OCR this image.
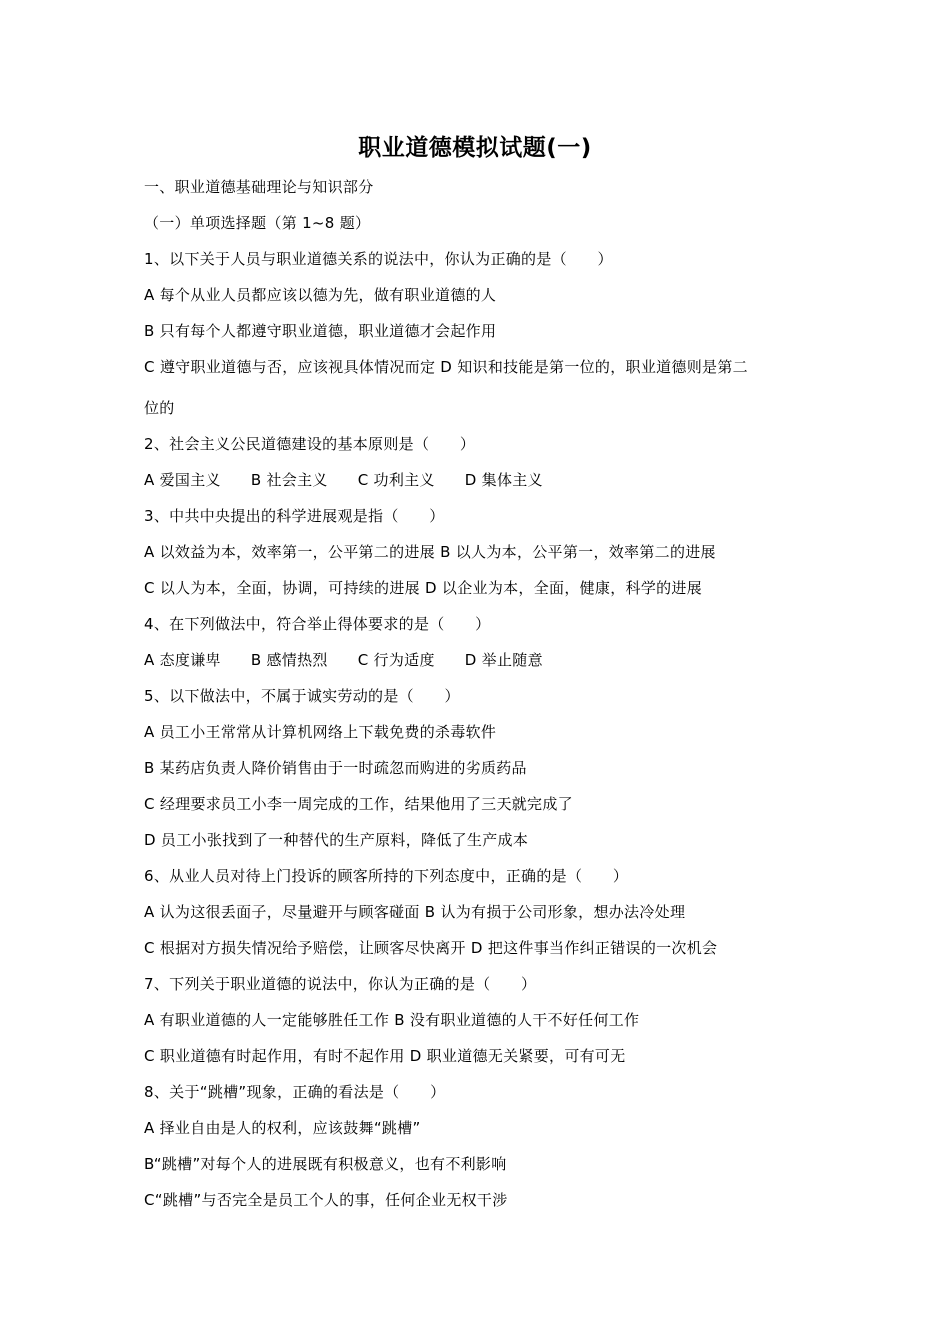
职业道德模拟试题(一)
一、职业道德基础理论与知识部分
（一）单项选择题（第 1~8 题）
1、以下关于人员与职业道德关系的说法中，你认为正确的是（　　）
A 每个从业人员都应该以德为先，做有职业道德的人
B 只有每个人都遵守职业道德，职业道德才会起作用
C 遵守职业道德与否，应该视具体情况而定 D 知识和技能是第一位的，职业道德则是第二
位的
2、社会主义公民道德建设的基本原则是（　　）
A 爱国主义 B 社会主义 C 功利主义 D 集体主义
3、中共中央提出的科学进展观是指（　　）
A 以效益为本，效率第一，公平第二的进展 B 以人为本，公平第一，效率第二的进展
C 以人为本，全面，协调，可持续的进展 D 以企业为本，全面，健康，科学的进展
4、在下列做法中，符合举止得体要求的是（　　）
A 态度谦卑 B 感情热烈 C 行为适度 D 举止随意
5、以下做法中，不属于诚实劳动的是（　　）
A 员工小王常常从计算机网络上下载免费的杀毒软件
B 某药店负责人降价销售由于一时疏忽而购进的劣质药品
C 经理要求员工小李一周完成的工作，结果他用了三天就完成了
D 员工小张找到了一种替代的生产原料，降低了生产成本
6、从业人员对待上门投诉的顾客所持的下列态度中，正确的是（　　）
A 认为这很丢面子，尽量避开与顾客碰面 B 认为有损于公司形象，想办法冷处理
C 根据对方损失情况给予赔偿，让顾客尽快离开 D 把这件事当作纠正错误的一次机会
7、下列关于职业道德的说法中，你认为正确的是（　　）
A 有职业道德的人一定能够胜任工作 B 没有职业道德的人干不好任何工作
C 职业道德有时起作用，有时不起作用 D 职业道德无关紧要，可有可无
8、关于“跳槽”现象，正确的看法是（　　）
A 择业自由是人的权利，应该鼓舞“跳槽”
B“跳槽”对每个人的进展既有积极意义，也有不利影响
C“跳槽”与否完全是员工个人的事，任何企业无权干涉
